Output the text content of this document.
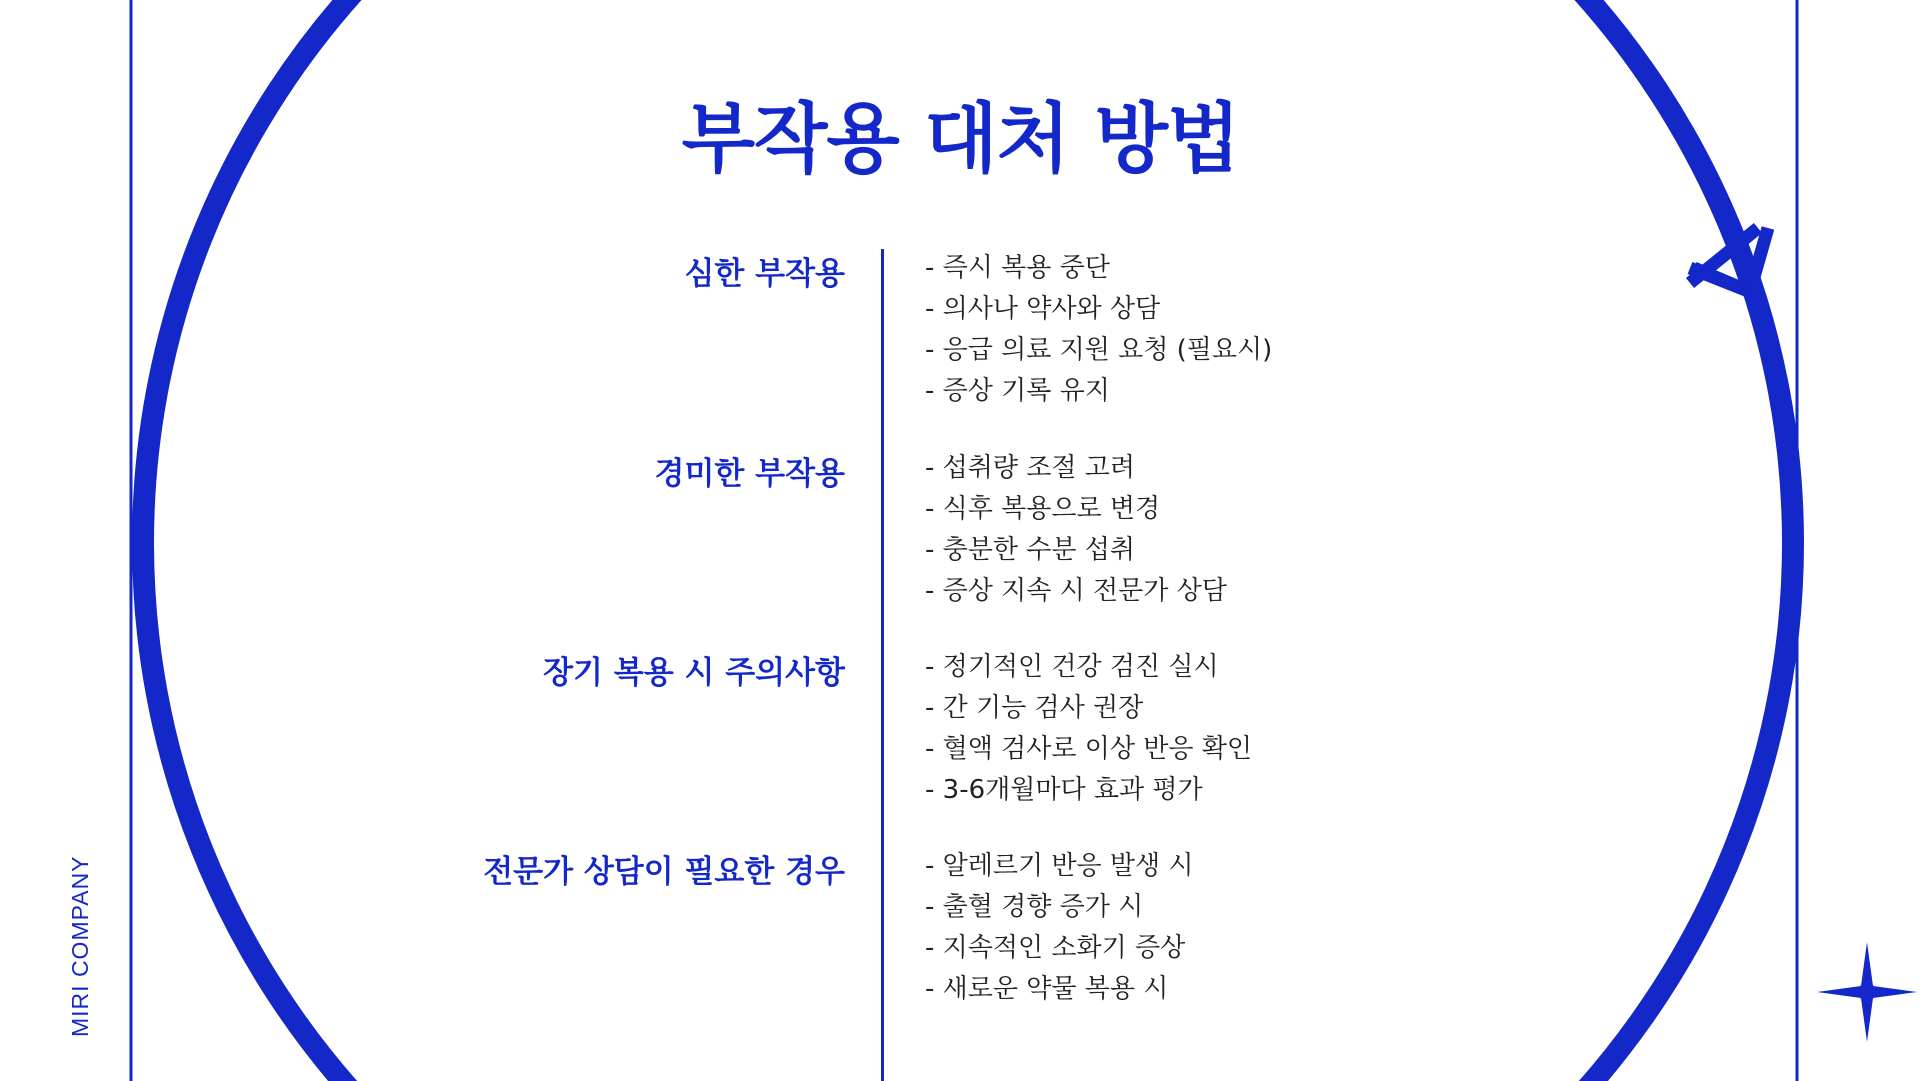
MIRI COMPANY
부작용 대처 방법
심한 부작용	- 즉시 복용 중단
- 의사나 약사와 상담
- 응급 의료 지원 요청 (필요시)
- 증상 기록 유지
경미한 부작용	- 섭취량 조절 고려
- 식후 복용으로 변경
- 충분한 수분 섭취
- 증상 지속 시 전문가 상담
장기 복용 시 주의사항	- 정기적인 건강 검진 실시
- 간 기능 검사 권장
- 혈액 검사로 이상 반응 확인
- 3-6개월마다 효과 평가
전문가 상담이 필요한 경우	- 알레르기 반응 발생 시
- 출혈 경향 증가 시
- 지속적인 소화기 증상
- 새로운 약물 복용 시
